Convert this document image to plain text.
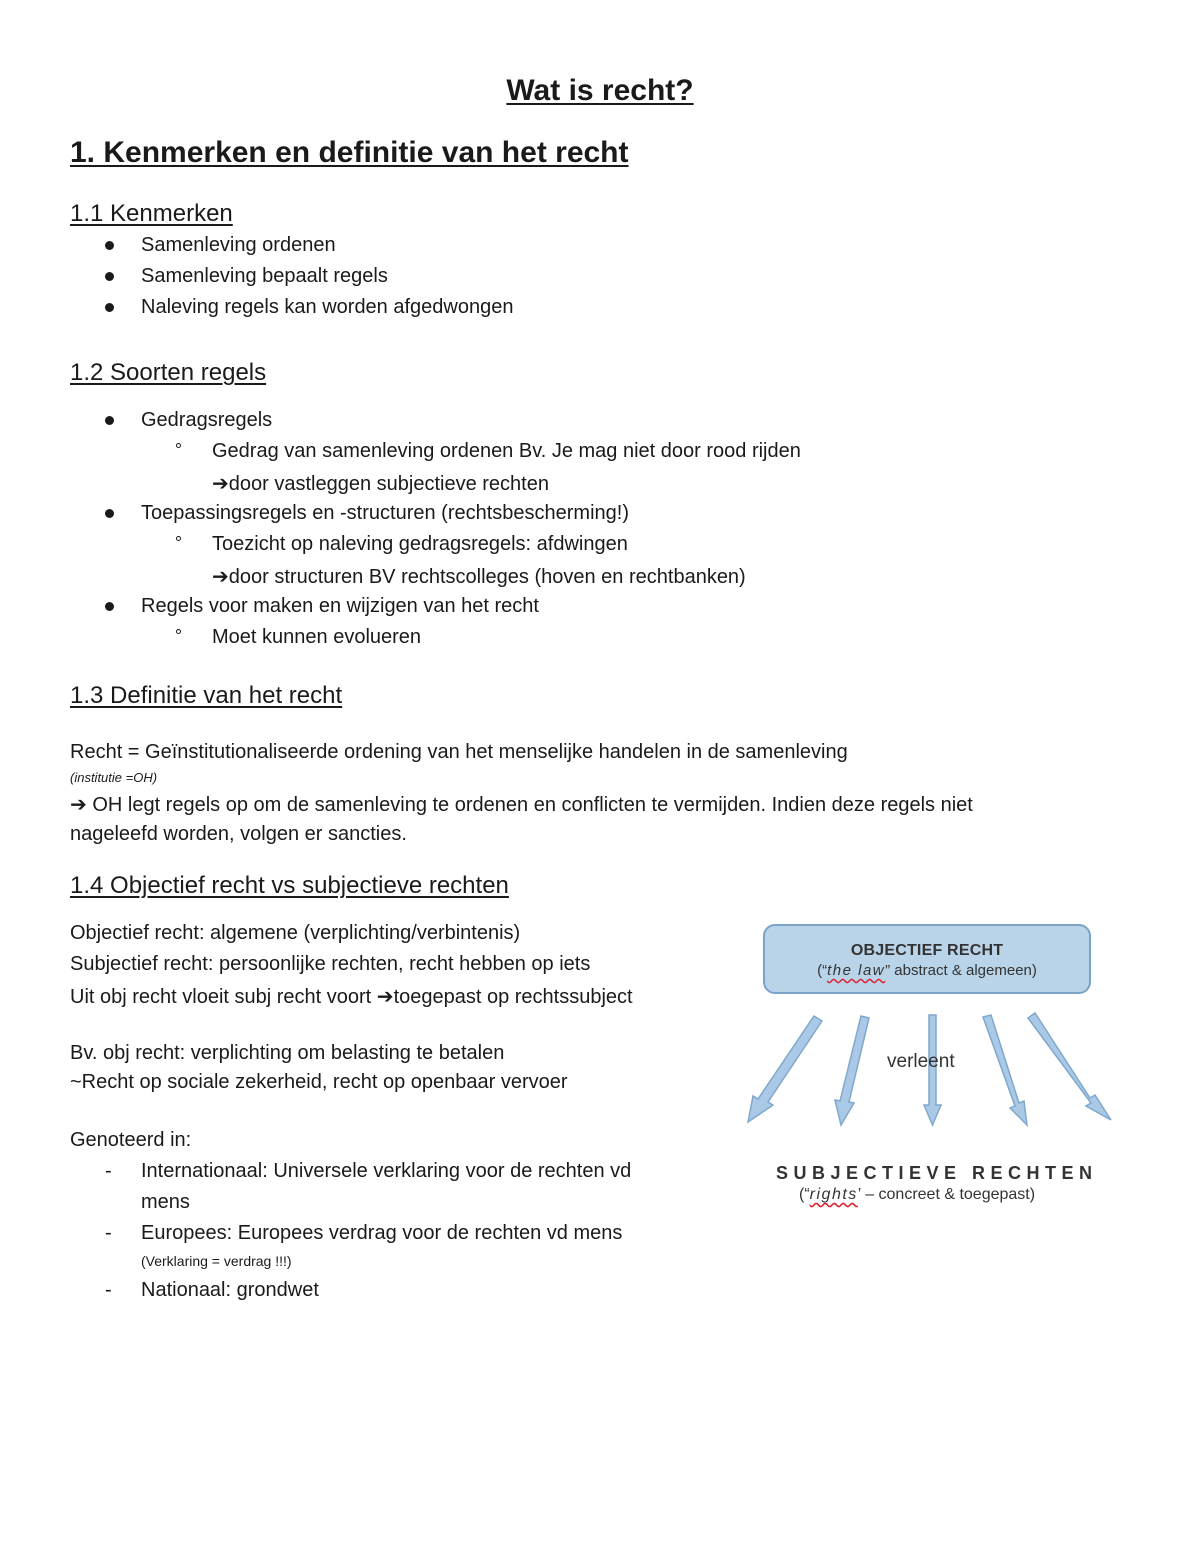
Wat is recht?
1. Kenmerken en definitie van het recht
1.1 Kenmerken
Samenleving ordenen
Samenleving bepaalt regels
Naleving regels kan worden afgedwongen
1.2 Soorten regels
Gedragsregels
Gedrag van samenleving ordenen Bv. Je mag niet door rood rijden
➔door vastleggen subjectieve rechten
Toepassingsregels en -structuren (rechtsbescherming!)
Toezicht op naleving gedragsregels: afdwingen
➔door structuren BV rechtscolleges (hoven en rechtbanken)
Regels voor maken en wijzigen van het recht
Moet kunnen evolueren
1.3 Definitie van het recht
Recht = Geïnstitutionaliseerde ordening van het menselijke handelen in de samenleving
(institutie =OH)
➔ OH legt regels op om de samenleving te ordenen en conflicten te vermijden. Indien deze regels niet
nageleefd worden, volgen er sancties.
1.4 Objectief recht vs subjectieve rechten
Objectief recht: algemene (verplichting/verbintenis)
Subjectief recht: persoonlijke rechten, recht hebben op iets
Uit obj recht vloeit subj recht voort ➔toegepast op rechtssubject
Bv. obj recht: verplichting om belasting te betalen
~Recht op sociale zekerheid, recht op openbaar vervoer
Genoteerd in:
- Internationaal: Universele verklaring voor de rechten vd
mens
- Europees: Europees verdrag voor de rechten vd mens
(Verklaring = verdrag !!!)
- Nationaal: grondwet
OBJECTIEF RECHT
(“the law” abstract & algemeen)
verleent
SUBJECTIEVE RECHTEN
(“rights’ – concreet & toegepast)
